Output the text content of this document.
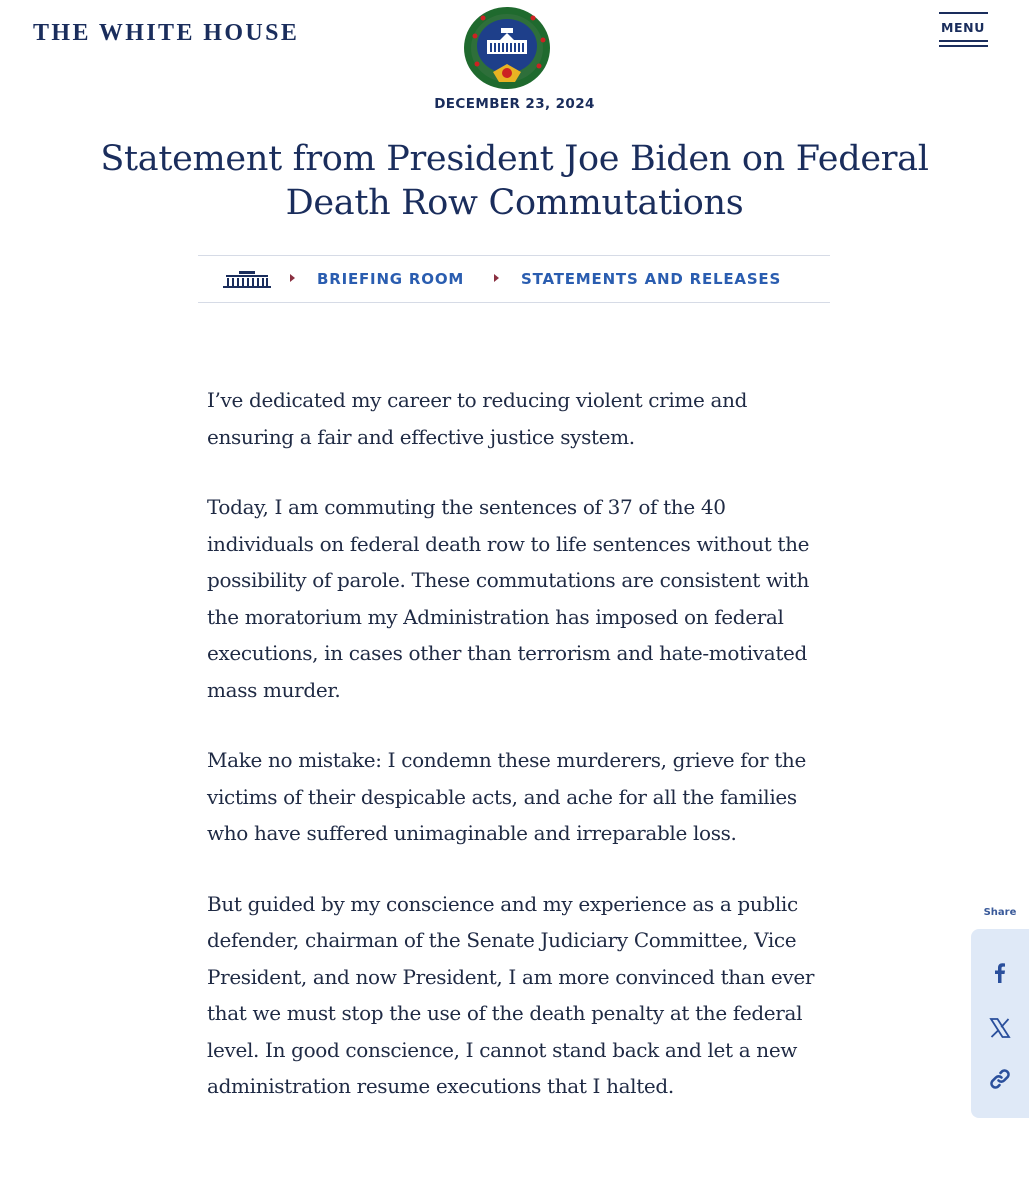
THE WHITE HOUSE	MENU
DECEMBER 23, 2024
Statement from President Joe Biden on Federal Death Row Commutations
BRIEFING ROOM	STATEMENTS AND RELEASES

I’ve dedicated my career to reducing violent crime and ensuring a fair and effective justice system.

Today, I am commuting the sentences of 37 of the 40 individuals on federal death row to life sentences without the possibility of parole. These commutations are consistent with the moratorium my Administration has imposed on federal executions, in cases other than terrorism and hate-motivated mass murder.

Make no mistake: I condemn these murderers, grieve for the victims of their despicable acts, and ache for all the families who have suffered unimaginable and irreparable loss.

But guided by my conscience and my experience as a public defender, chairman of the Senate Judiciary Committee, Vice President, and now President, I am more convinced than ever that we must stop the use of the death penalty at the federal level. In good conscience, I cannot stand back and let a new administration resume executions that I halted.

Share
